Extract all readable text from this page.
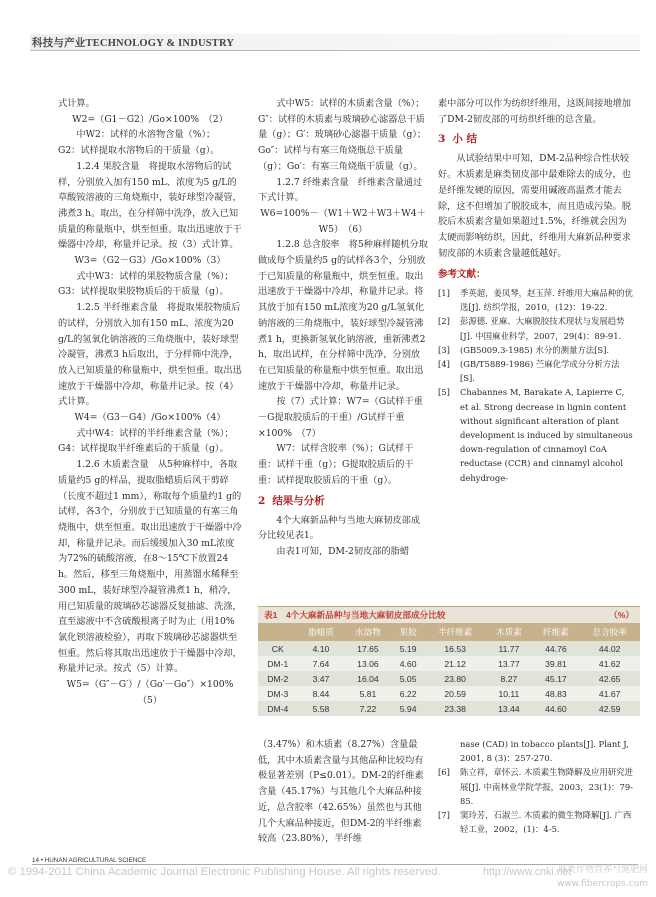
科技与产业TECHNOLOGY & INDUSTRY

式计算。

W2=（G1－G2）/Go×100%　（2）

中W2：试样的水溶物含量（%）；

G2：试样提取水溶物后的干质量（g）。

1.2.4 果胶含量　将提取水溶物后的试样，分别放入加有150 mL、浓度为5 g/L的草酸铵溶液的三角烧瓶中，装好球型冷凝管，沸煮3 h。取出，在分样筛中洗净，放入已知质量的称量瓶中，烘至恒重。取出迅速放于干燥器中冷却，称量并记录。按（3）式计算。

W3=（G2－G3）/Go×100%（3）

式中W3：试样的果胶物质含量（%）；G3：试样提取果胶物质后的干质量（g）。

1.2.5 半纤维素含量　将提取果胶物质后的试样，分别放入加有150 mL、浓度为20 g/L的氢氧化钠溶液的三角烧瓶中，装好球型冷凝管，沸煮3 h后取出，于分样筛中洗净，放入已知质量的称量瓶中，烘至恒重。取出迅速放于干燥器中冷却，称量并记录。按（4）式计算。

W4=（G3－G4）/Go×100%（4）

式中W4：试样的半纤维素含量（%）；G4：试样提取半纤维素后的干质量（g）。

1.2.6 木质素含量　从5种麻样中，各取质量约5 g的样品，提取脂蜡质后风干剪碎（长度不超过1 mm），称取每个质量约1 g的试样，各3个，分别放于已知质量的有塞三角烧瓶中，烘至恒重。取出迅速放于干燥器中冷却，称量并记录。而后缓缓加入30 mL浓度为72%的硫酸溶液，在8～15℃下放置24 h。然后，移至三角烧瓶中，用蒸馏水稀释至300 mL，装好球型冷凝管沸煮1 h，稍冷，用已知质量的玻璃砂芯滤器反复抽滤、洗涤，直至滤液中不含硫酸根离子时为止（用10%氯化钡溶液检验），再取下玻璃砂芯滤器烘至恒重。然后将其取出迅速放于干燥器中冷却，称量并记录。按式（5）计算。

W5=（G″－G′）/（Go′－Go″）×100%　（5）

式中W5：试样的木质素含量（%）；

G″：试样的木质素与玻璃砂心滤器总干质量（g）；G′：玻璃砂心滤器干质量（g）；Go″：试样与有塞三角烧瓶总干质量（g）；Go′：有塞三角烧瓶干质量（g）。

1.2.7 纤维素含量　纤维素含量通过下式计算。

W6=100%－（W1＋W2＋W3＋W4＋W5）　（6）

1.2.8 总含胶率　将5种麻样随机分取做成每个质量约5 g的试样各3个，分别放于已知质量的称量瓶中，烘至恒重。取出迅速放于干燥器中冷却，称量并记录。将其放于加有150 mL浓度为20 g/L氢氧化钠溶液的三角烧瓶中，装好球型冷凝管沸煮1 h，更换新氢氧化钠溶液，重新沸煮2 h，取出试样，在分样筛中洗净，分别放在已知质量的称量瓶中烘至恒重。取出迅速放于干燥器中冷却，称量并记录。

按（7）式计算：W7=（G试样干重－G提取胶质后的干重）/G试样干重×100%　（7）

W7：试样含胶率（%）；G试样干重：试样干重（g）；G提取胶质后的干重：试样提取胶质后的干重（g）。

2 结果与分析

4个大麻新品种与当地大麻韧皮部成分比较见表1。

由表1可知，DM-2韧皮部的脂蜡

素中部分可以作为纺织纤维用，这既间接地增加了DM-2韧皮部的可纺织纤维的总含量。

3 小 结

从试验结果中可知，DM-2品种综合性状较好。木质素是麻类韧皮部中最难除去的成分，也是纤维发硬的原因，需要用碱液高温煮才能去除，这不但增加了脱胶成本，而且造成污染。脱胶后木质素含量如果超过1.5%，纤维就会因为太硬而影响纺织，因此，纤维用大麻新品种要求韧皮部的木质素含量越低越好。

参考文献：
[1]	季英超，姜凤琴，赵玉萍. 纤维用大麻品种的优选[J]. 纺织学报，2010，(12)：19-22.
[2]	彭源德. 亚麻、大麻脱胶技术现状与发展趋势[J]. 中国麻业科学，2007，29(4)：89-91.
[3]	(GB5009.3-1985) 水分的测量方法[S].
[4]	(GB/T5889-1986) 苎麻化学成分分析方法[S].
[5]	Chabannes M, Barakate A, Lapierre C, et al. Strong decrease in lignin content without significant alteration of plant development is induced by simultaneous down-regulation of cinnamoyl CoA reductase (CCR) and cinnamyl alcohol dehydroge-
表1　4个大麻新品种与当地大麻韧皮部成分比较	（%）
	脂蜡质	水溶物	果胶	半纤维素	木质素	纤维素	总含胶率
CK	4.10	17.65	5.19	16.53	11.77	44.76	44.02
DM-1	7.64	13.06	4.60	21.12	13.77	39.81	41.62
DM-2	3.47	16.04	5.05	23.80	8.27	45.17	42.65
DM-3	8.44	5.81	6.22	20.59	10.11	48.83	41.67
DM-4	5.58	7.22	5.94	23.38	13.44	44.60	42.59

（3.47%）和木质素（8.27%）含量最低，其中木质素含量与其他品种比较均有极显著差别（P≤0.01）。DM-2的纤维素含量（45.17%）与其他几个大麻品种接近，总含胶率（42.65%）虽然也与其他几个大麻品种接近，但DM-2的半纤维素较高（23.80%），半纤维

nase (CAD) in tobacco plants[J]. Plant J, 2001, 8 (3)：257-270.
[6]	陈立祥，章怀云. 木质素生物降解及应用研究进展[J]. 中南林业学院学报，2003，23(1)：79-85.
[7]	窦玲芳，石淑兰. 木质素的微生物降解[J]. 广西轻工业，2002，(1)：4-5.
14 • HUNAN AGRICULTURAL SCIENCE
© 1994-2011 China Academic Journal Electronic Publishing House. All rights reserved.	http://www.cnki.net
麻类作物营养与施肥网
www.fibercrops.com
